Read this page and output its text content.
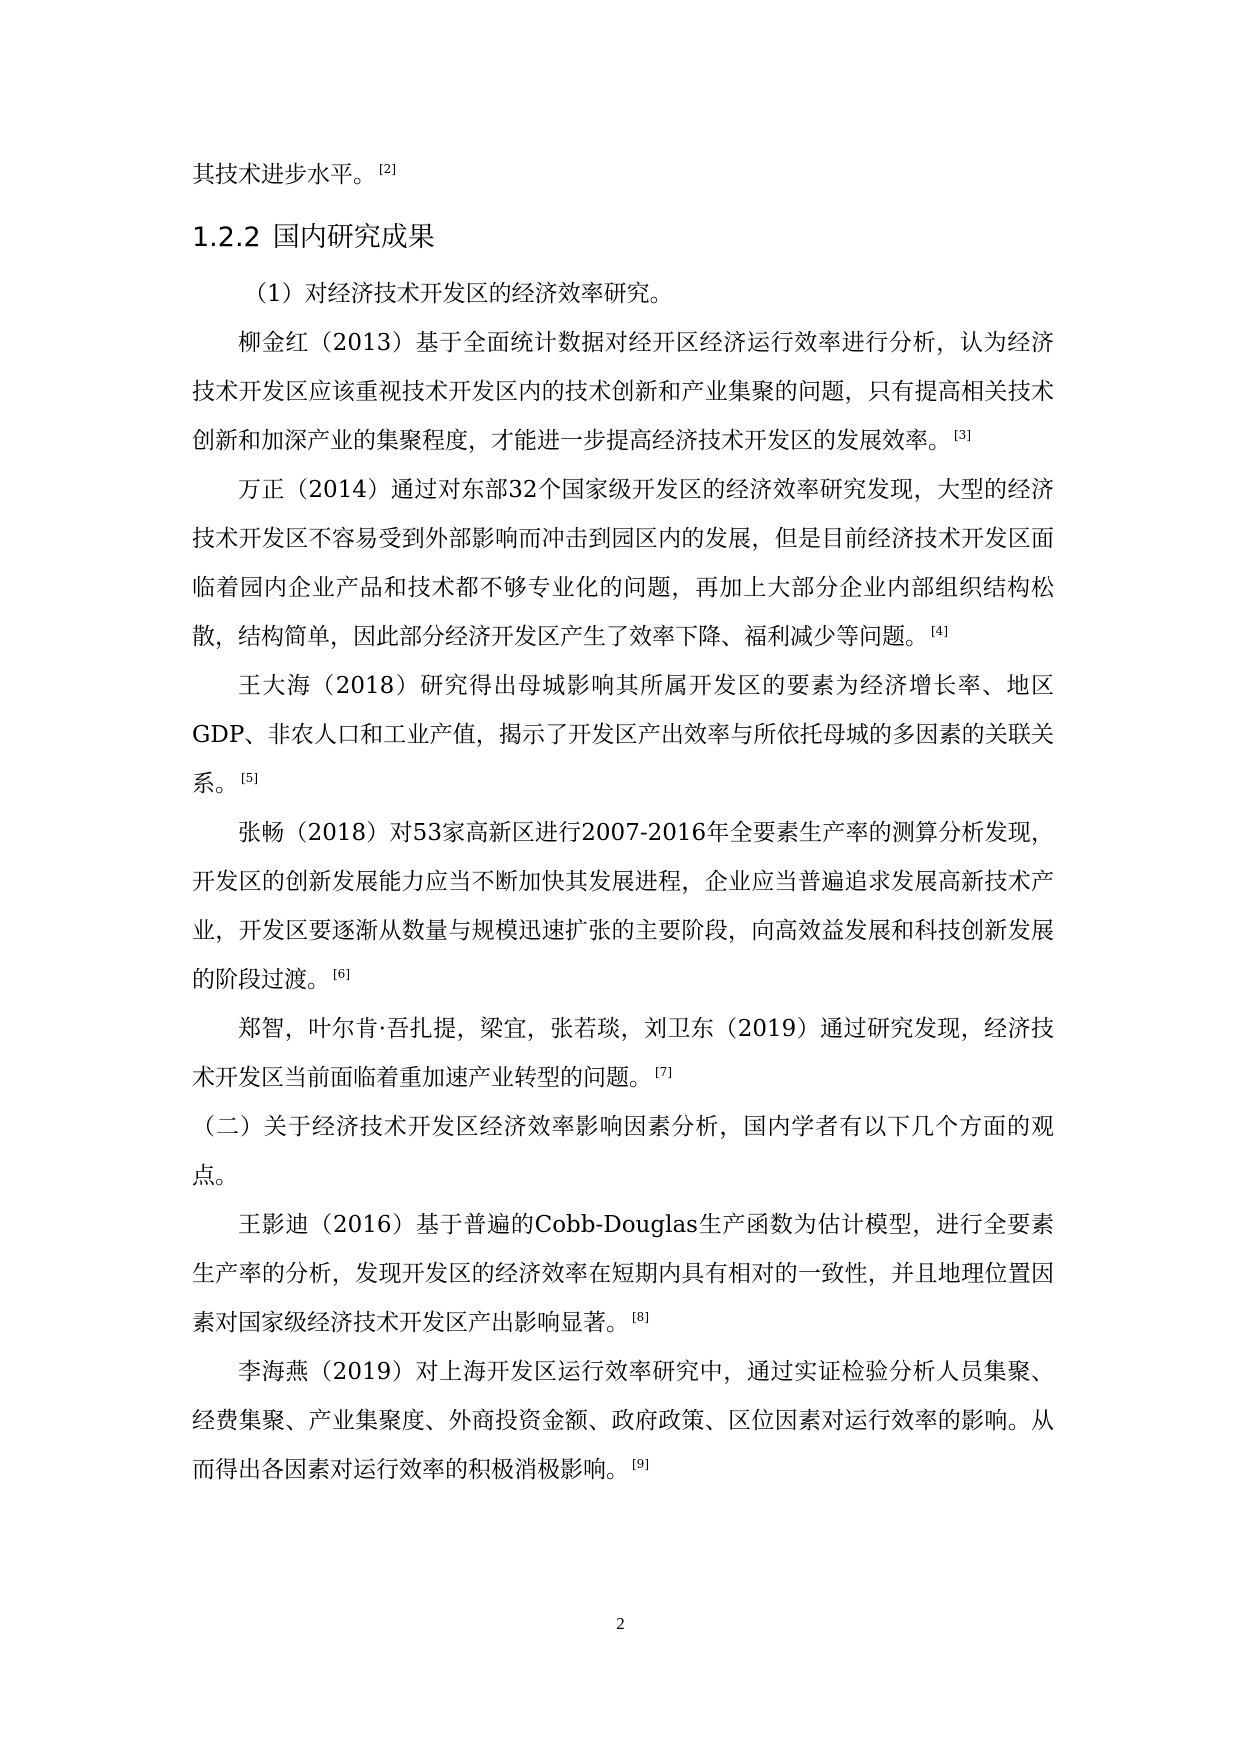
其技术进步水平。 [2]

1.2.2 国内研究成果

（1）对经济技术开发区的经济效率研究。

柳金红（2013）基于全面统计数据对经开区经济运行效率进行分析，认为经济技术开发区应该重视技术开发区内的技术创新和产业集聚的问题，只有提高相关技术创新和加深产业的集聚程度，才能进一步提高经济技术开发区的发展效率。 [3]

万正（2014）通过对东部32个国家级开发区的经济效率研究发现，大型的经济技术开发区不容易受到外部影响而冲击到园区内的发展，但是目前经济技术开发区面临着园内企业产品和技术都不够专业化的问题，再加上大部分企业内部组织结构松散，结构简单，因此部分经济开发区产生了效率下降、福利减少等问题。 [4]

王大海（2018）研究得出母城影响其所属开发区的要素为经济增长率、地区GDP、非农人口和工业产值，揭示了开发区产出效率与所依托母城的多因素的关联关系。 [5]

张畅（2018）对53家高新区进行2007-2016年全要素生产率的测算分析发现，开发区的创新发展能力应当不断加快其发展进程，企业应当普遍追求发展高新技术产业，开发区要逐渐从数量与规模迅速扩张的主要阶段，向高效益发展和科技创新发展的阶段过渡。 [6]

郑智，叶尔肯·吾扎提，梁宜，张若琰，刘卫东（2019）通过研究发现，经济技术开发区当前面临着重加速产业转型的问题。 [7]

（二）关于经济技术开发区经济效率影响因素分析，国内学者有以下几个方面的观点。

王影迪（2016）基于普遍的Cobb-Douglas生产函数为估计模型，进行全要素生产率的分析，发现开发区的经济效率在短期内具有相对的一致性，并且地理位置因素对国家级经济技术开发区产出影响显著。 [8]

李海燕（2019）对上海开发区运行效率研究中，通过实证检验分析人员集聚、经费集聚、产业集聚度、外商投资金额、政府政策、区位因素对运行效率的影响。从而得出各因素对运行效率的积极消极影响。 [9]

2
